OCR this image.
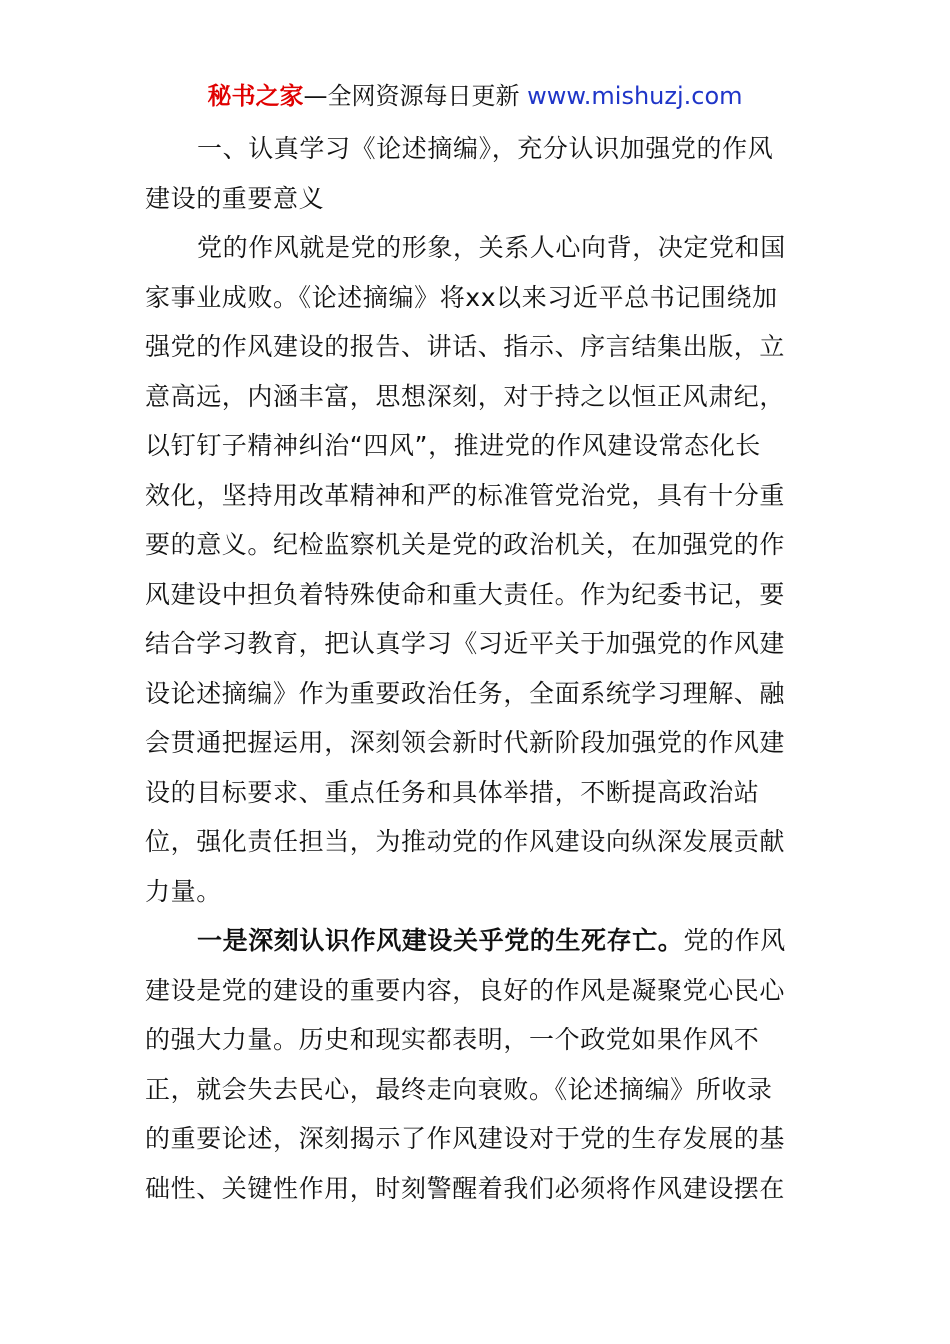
秘书之家—全网资源每日更新 www.mishuzj.com
一、认真学习《论述摘编》，充分认识加强党的作风
建设的重要意义
党的作风就是党的形象，关系人心向背，决定党和国
家事业成败。《论述摘编》将xx以来习近平总书记围绕加
强党的作风建设的报告、讲话、指示、序言结集出版，立
意高远，内涵丰富，思想深刻，对于持之以恒正风肃纪，
以钉钉子精神纠治“四风”，推进党的作风建设常态化长
效化，坚持用改革精神和严的标准管党治党，具有十分重
要的意义。纪检监察机关是党的政治机关，在加强党的作
风建设中担负着特殊使命和重大责任。作为纪委书记，要
结合学习教育，把认真学习《习近平关于加强党的作风建
设论述摘编》作为重要政治任务，全面系统学习理解、融
会贯通把握运用，深刻领会新时代新阶段加强党的作风建
设的目标要求、重点任务和具体举措，不断提高政治站
位，强化责任担当，为推动党的作风建设向纵深发展贡献
力量。
一是深刻认识作风建设关乎党的生死存亡。党的作风
建设是党的建设的重要内容，良好的作风是凝聚党心民心
的强大力量。历史和现实都表明，一个政党如果作风不
正，就会失去民心，最终走向衰败。《论述摘编》所收录
的重要论述，深刻揭示了作风建设对于党的生存发展的基
础性、关键性作用，时刻警醒着我们必须将作风建设摆在
